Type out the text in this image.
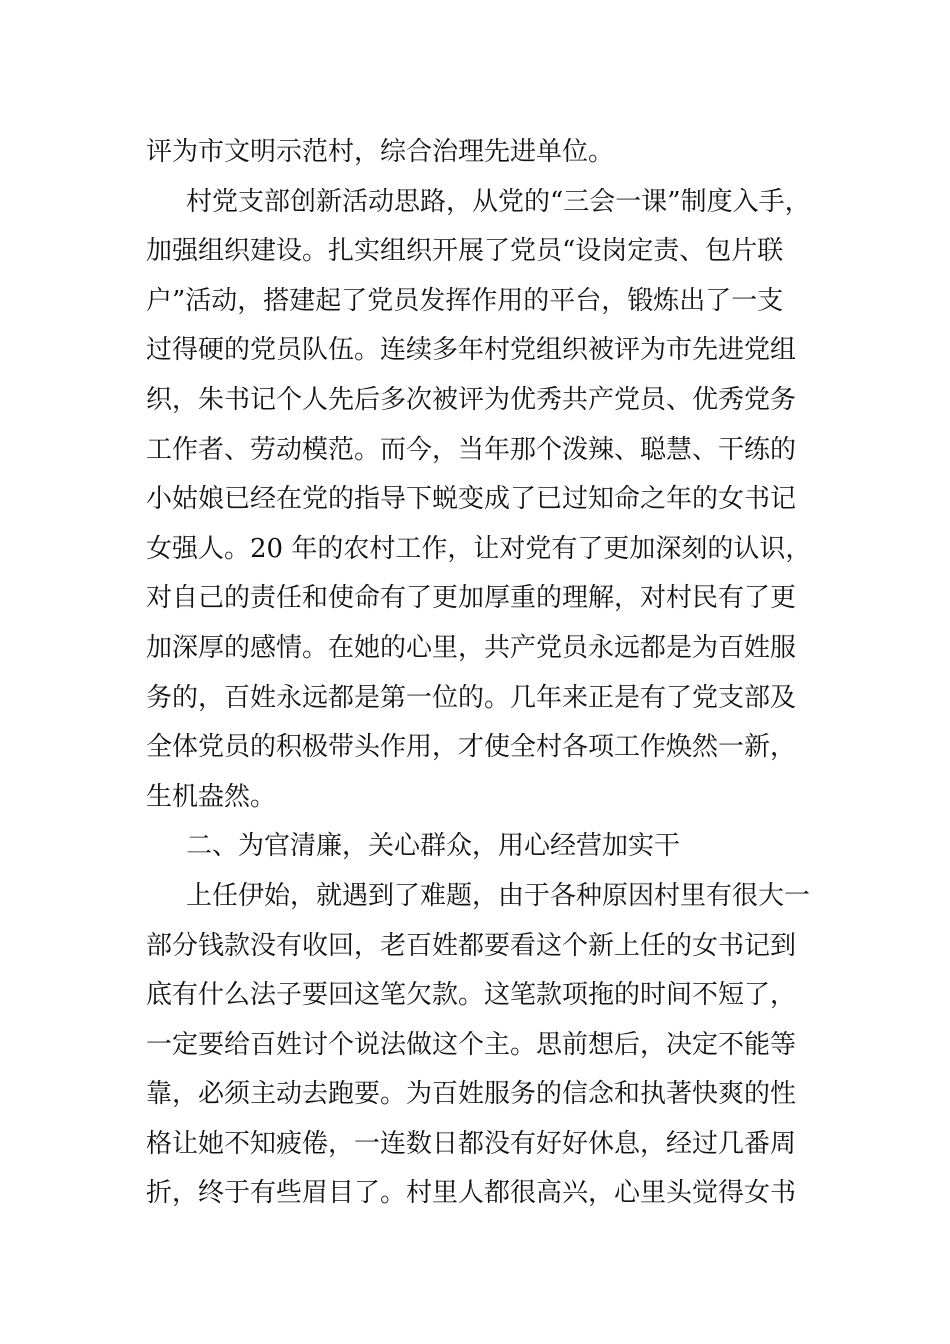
评为市文明示范村，综合治理先进单位。
村党支部创新活动思路，从党的“三会一课”制度入手，
加强组织建设。扎实组织开展了党员“设岗定责、包片联
户”活动，搭建起了党员发挥作用的平台，锻炼出了一支
过得硬的党员队伍。连续多年村党组织被评为市先进党组
织，朱书记个人先后多次被评为优秀共产党员、优秀党务
工作者、劳动模范。而今，当年那个泼辣、聪慧、干练的
小姑娘已经在党的指导下蜕变成了已过知命之年的女书记
女强人。20 年的农村工作，让对党有了更加深刻的认识，
对自己的责任和使命有了更加厚重的理解，对村民有了更
加深厚的感情。在她的心里，共产党员永远都是为百姓服
务的，百姓永远都是第一位的。几年来正是有了党支部及
全体党员的积极带头作用，才使全村各项工作焕然一新，
生机盎然。
二、为官清廉，关心群众，用心经营加实干
上任伊始，就遇到了难题，由于各种原因村里有很大一
部分钱款没有收回，老百姓都要看这个新上任的女书记到
底有什么法子要回这笔欠款。这笔款项拖的时间不短了，
一定要给百姓讨个说法做这个主。思前想后，决定不能等
靠，必须主动去跑要。为百姓服务的信念和执著快爽的性
格让她不知疲倦，一连数日都没有好好休息，经过几番周
折，终于有些眉目了。村里人都很高兴，心里头觉得女书
